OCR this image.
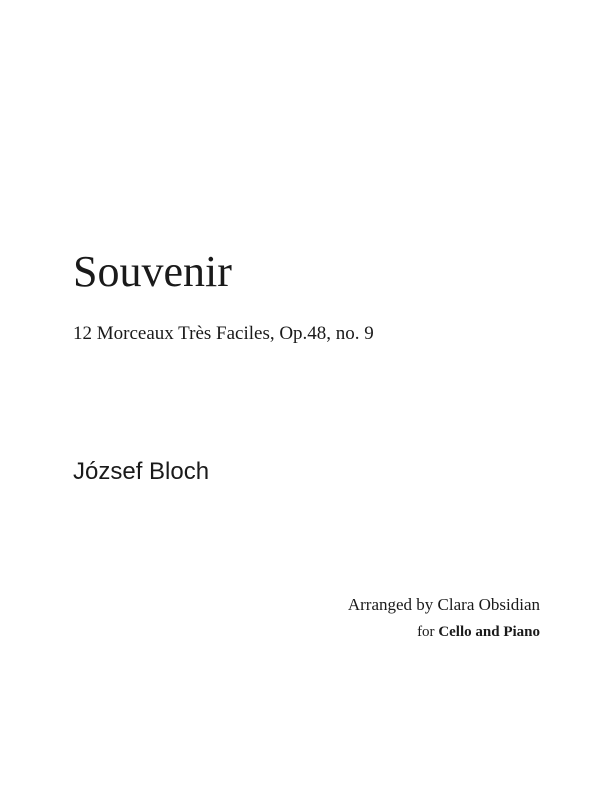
Souvenir
12 Morceaux Très Faciles, Op.48, no. 9
József Bloch
Arranged by Clara Obsidian
for Cello and Piano
